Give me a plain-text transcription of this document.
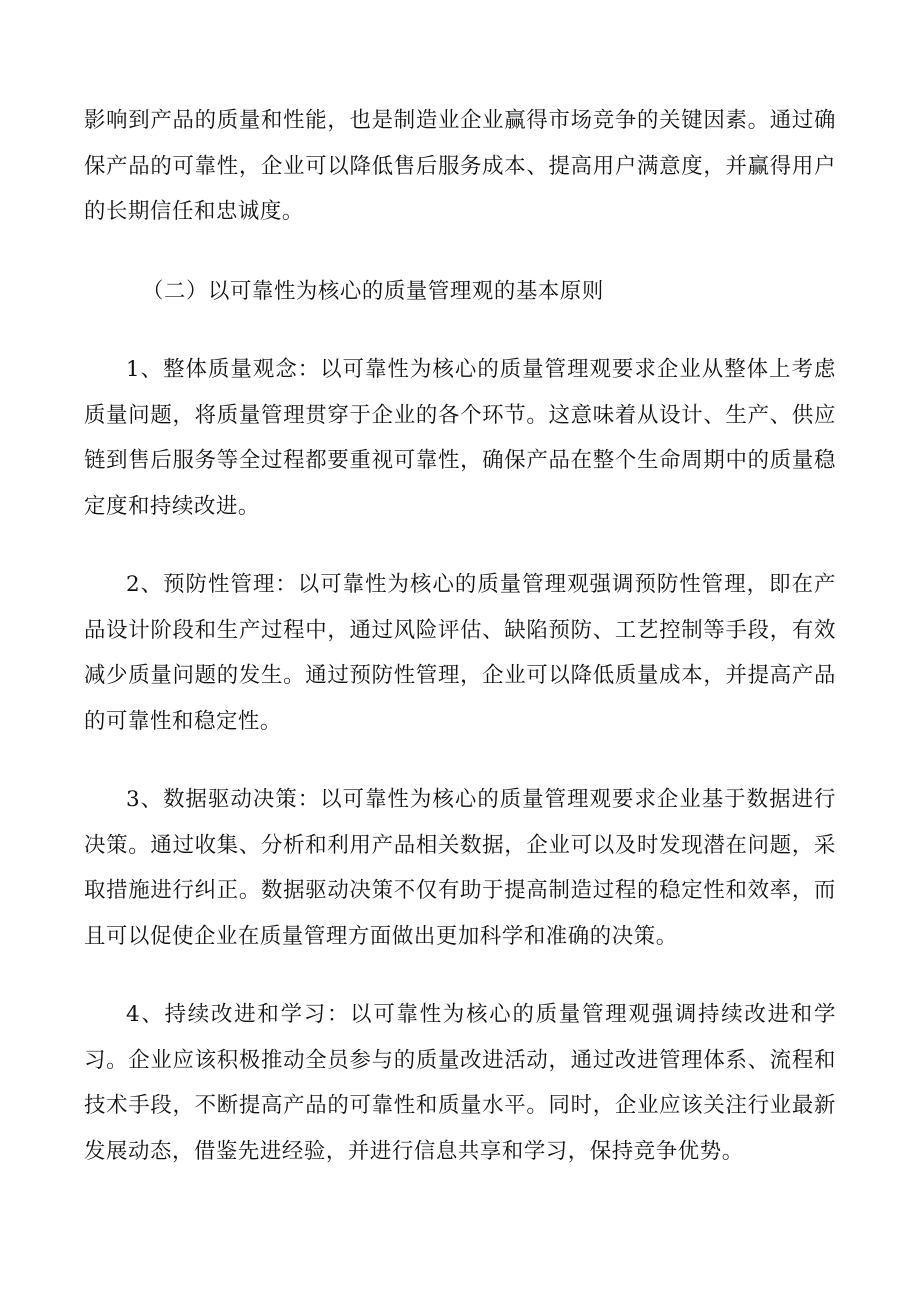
影响到产品的质量和性能，也是制造业企业赢得市场竞争的关键因素。通过确保产品的可靠性，企业可以降低售后服务成本、提高用户满意度，并赢得用户的长期信任和忠诚度。

（二）以可靠性为核心的质量管理观的基本原则

1、整体质量观念：以可靠性为核心的质量管理观要求企业从整体上考虑质量问题，将质量管理贯穿于企业的各个环节。这意味着从设计、生产、供应链到售后服务等全过程都要重视可靠性，确保产品在整个生命周期中的质量稳定度和持续改进。

2、预防性管理：以可靠性为核心的质量管理观强调预防性管理，即在产品设计阶段和生产过程中，通过风险评估、缺陷预防、工艺控制等手段，有效减少质量问题的发生。通过预防性管理，企业可以降低质量成本，并提高产品的可靠性和稳定性。

3、数据驱动决策：以可靠性为核心的质量管理观要求企业基于数据进行决策。通过收集、分析和利用产品相关数据，企业可以及时发现潜在问题，采取措施进行纠正。数据驱动决策不仅有助于提高制造过程的稳定性和效率，而且可以促使企业在质量管理方面做出更加科学和准确的决策。

4、持续改进和学习：以可靠性为核心的质量管理观强调持续改进和学习。企业应该积极推动全员参与的质量改进活动，通过改进管理体系、流程和技术手段，不断提高产品的可靠性和质量水平。同时，企业应该关注行业最新发展动态，借鉴先进经验，并进行信息共享和学习，保持竞争优势。
